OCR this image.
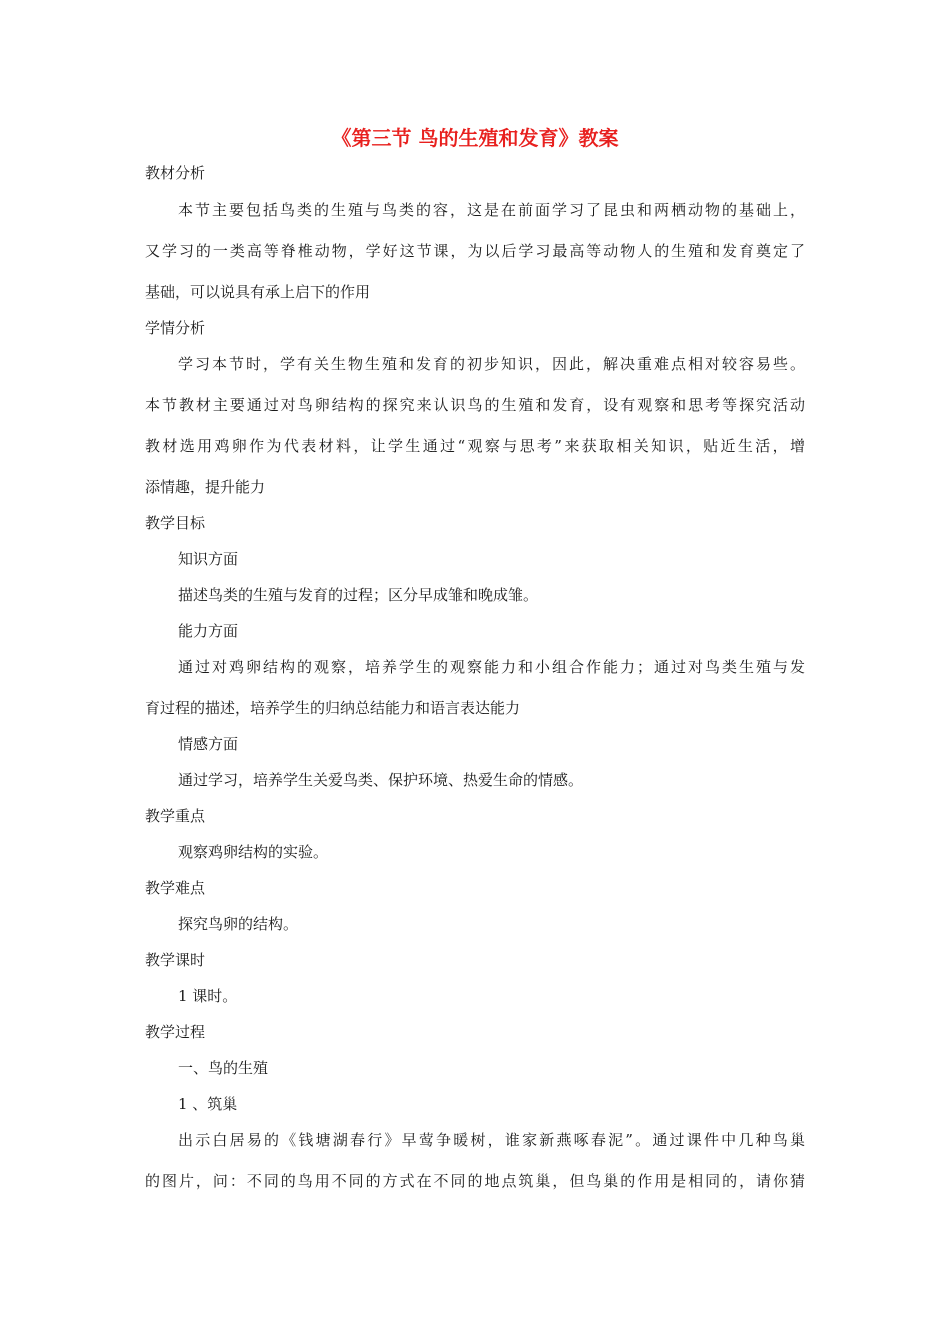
《第三节 鸟的生殖和发育》教案
教材分析
本节主要包括鸟类的生殖与鸟类的容，这是在前面学习了昆虫和两栖动物的基础上，
又学习的一类高等脊椎动物，学好这节课，为以后学习最高等动物人的生殖和发育奠定了
基础，可以说具有承上启下的作用
学情分析
学习本节时，学有关生物生殖和发育的初步知识，因此，解决重难点相对较容易些。
本节教材主要通过对鸟卵结构的探究来认识鸟的生殖和发育，设有观察和思考等探究活动
教材选用鸡卵作为代表材料，让学生通过“观察与思考”来获取相关知识，贴近生活，增
添情趣，提升能力
教学目标
知识方面
描述鸟类的生殖与发育的过程；区分早成雏和晚成雏。
能力方面
通过对鸡卵结构的观察，培养学生的观察能力和小组合作能力；通过对鸟类生殖与发
育过程的描述，培养学生的归纳总结能力和语言表达能力
情感方面
通过学习，培养学生关爱鸟类、保护环境、热爱生命的情感。
教学重点
观察鸡卵结构的实验。
教学难点
探究鸟卵的结构。
教学课时
1 课时。
教学过程
一、鸟的生殖
1 、筑巢
出示白居易的《钱塘湖春行》早莺争暖树，谁家新燕啄春泥”。通过课件中几种鸟巢
的图片，问：不同的鸟用不同的方式在不同的地点筑巢，但鸟巢的作用是相同的，请你猜
